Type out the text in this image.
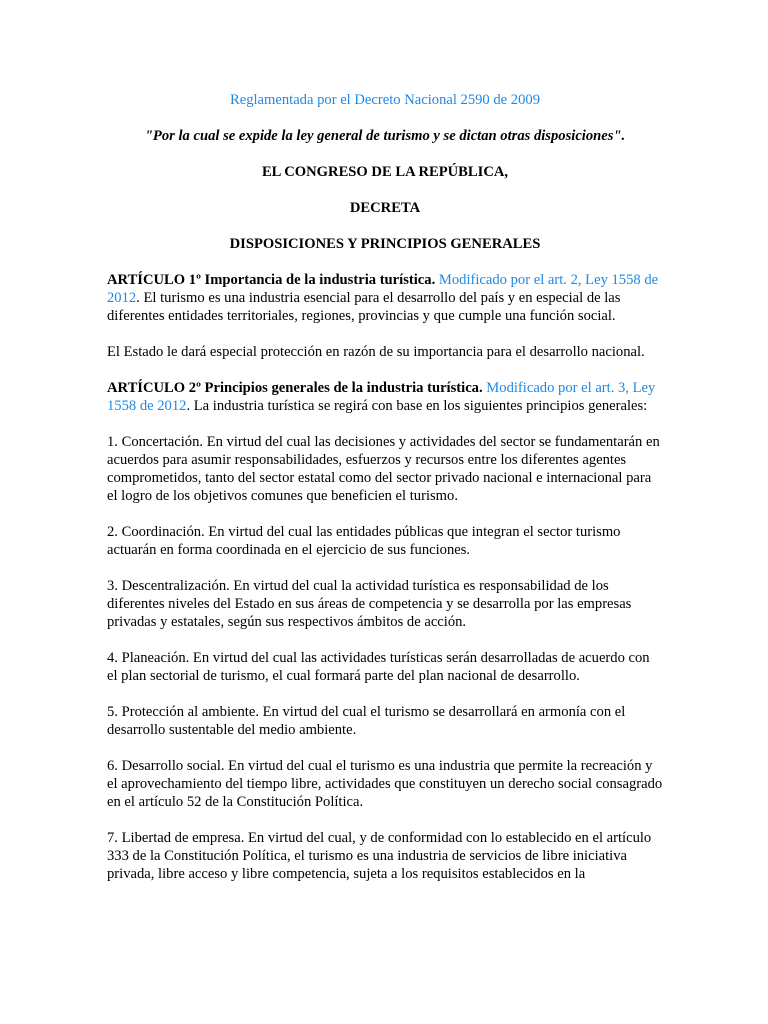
Reglamentada por el Decreto Nacional 2590 de 2009

"Por la cual se expide la ley general de turismo y se dictan otras disposiciones".

EL CONGRESO DE LA REPÚBLICA,

DECRETA

DISPOSICIONES Y PRINCIPIOS GENERALES

ARTÍCULO 1º Importancia de la industria turística. Modificado por el art. 2, Ley 1558 de 2012. El turismo es una industria esencial para el desarrollo del país y en especial de las diferentes entidades territoriales, regiones, provincias y que cumple una función social.

El Estado le dará especial protección en razón de su importancia para el desarrollo nacional.

ARTÍCULO 2º Principios generales de la industria turística. Modificado por el art. 3, Ley 1558 de 2012. La industria turística se regirá con base en los siguientes principios generales:

1. Concertación. En virtud del cual las decisiones y actividades del sector se fundamentarán en acuerdos para asumir responsabilidades, esfuerzos y recursos entre los diferentes agentes comprometidos, tanto del sector estatal como del sector privado nacional e internacional para el logro de los objetivos comunes que beneficien el turismo.

2. Coordinación. En virtud del cual las entidades públicas que integran el sector turismo actuarán en forma coordinada en el ejercicio de sus funciones.

3. Descentralización. En virtud del cual la actividad turística es responsabilidad de los diferentes niveles del Estado en sus áreas de competencia y se desarrolla por las empresas privadas y estatales, según sus respectivos ámbitos de acción.

4. Planeación. En virtud del cual las actividades turísticas serán desarrolladas de acuerdo con el plan sectorial de turismo, el cual formará parte del plan nacional de desarrollo.

5. Protección al ambiente. En virtud del cual el turismo se desarrollará en armonía con el desarrollo sustentable del medio ambiente.

6. Desarrollo social. En virtud del cual el turismo es una industria que permite la recreación y el aprovechamiento del tiempo libre, actividades que constituyen un derecho social consagrado en el artículo 52 de la Constitución Política.

7. Libertad de empresa. En virtud del cual, y de conformidad con lo establecido en el artículo 333 de la Constitución Política, el turismo es una industria de servicios de libre iniciativa privada, libre acceso y libre competencia, sujeta a los requisitos establecidos en la
